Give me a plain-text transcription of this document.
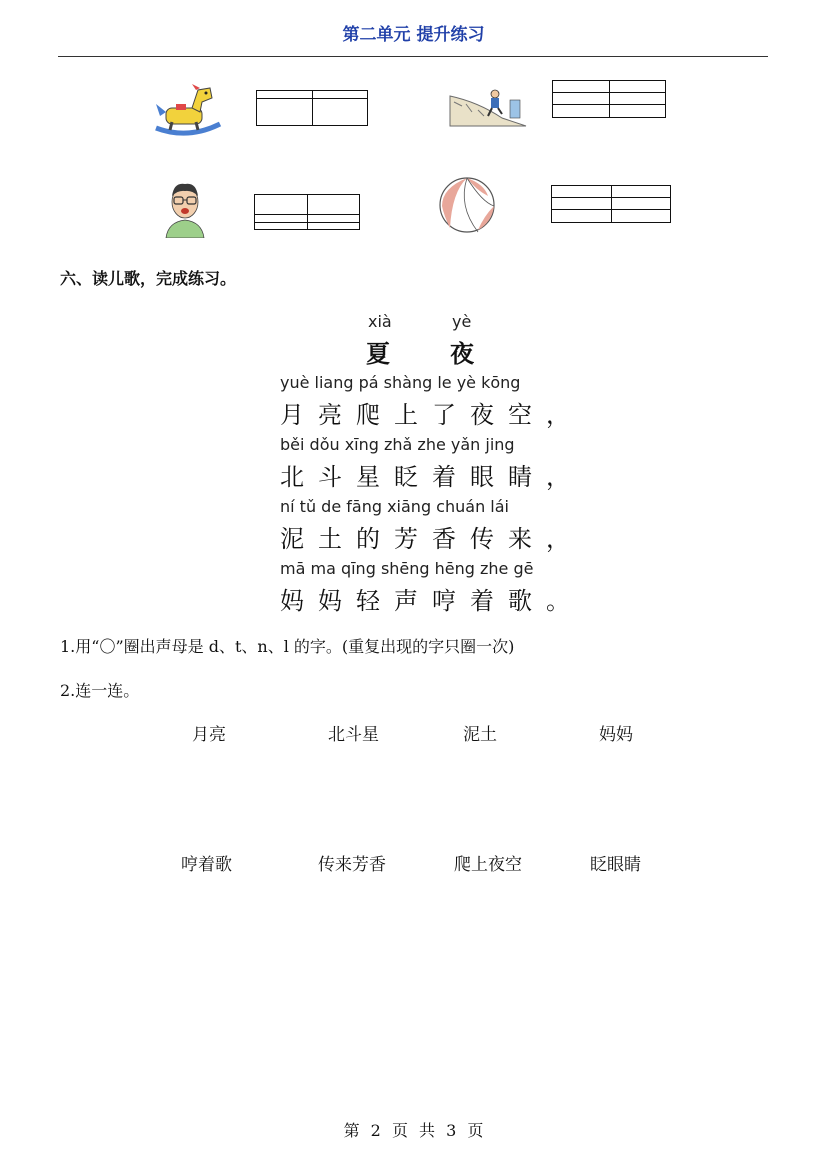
第二单元 提升练习

六、读儿歌，完成练习。
xià	yè
夏	夜
yuè liang pá shàng le yè kōng
月亮爬上了夜空，
běi dǒu xīng zhǎ zhe yǎn jing
北斗星眨着眼睛，
ní tǔ de fāng xiāng chuán lái
泥土的芳香传来，
mā ma qīng shēng hēng zhe gē
妈妈轻声哼着歌。
1.用“〇”圈出声母是 d、t、n、l 的字。(重复出现的字只圈一次)
2.连一连。
月亮	北斗星	泥土	妈妈
哼着歌	传来芳香	爬上夜空	眨眼睛
第 2 页 共 3 页
